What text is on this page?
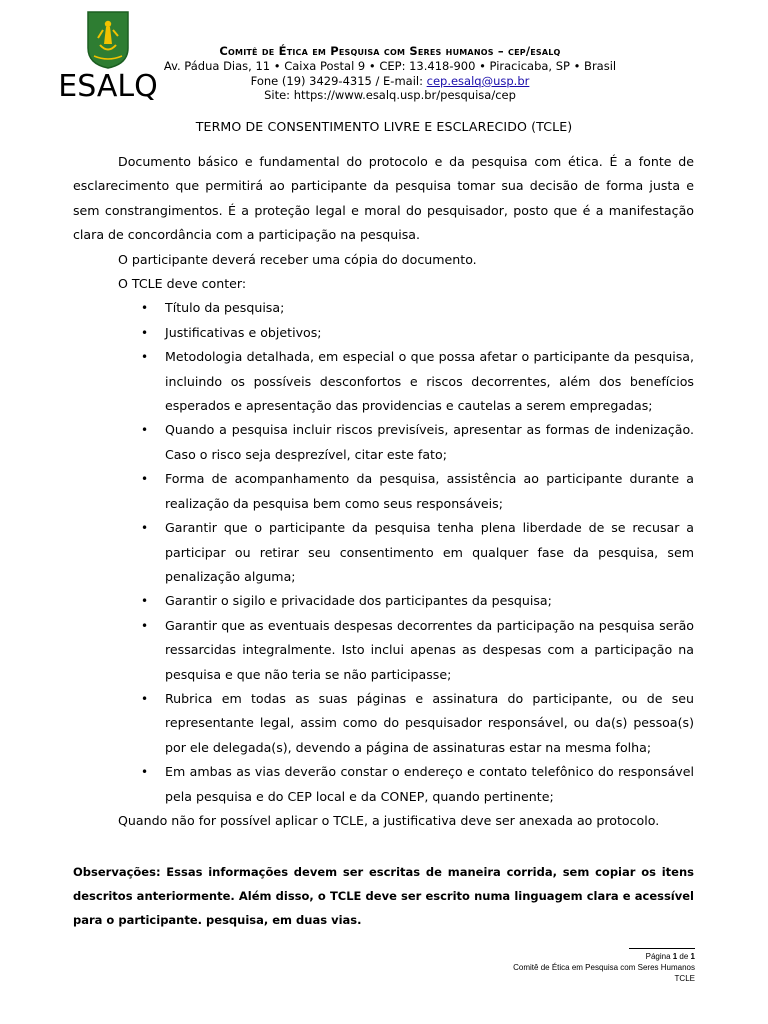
ESALQ
Comitê de Ética em Pesquisa com Seres humanos – cep/esalq
Av. Pádua Dias, 11 • Caixa Postal 9 • CEP: 13.418-900 • Piracicaba, SP • Brasil
Fone (19) 3429-4315 / E-mail: cep.esalq@usp.br
Site: https://www.esalq.usp.br/pesquisa/cep
TERMO DE CONSENTIMENTO LIVRE E ESCLARECIDO (TCLE)

Documento básico e fundamental do protocolo e da pesquisa com ética. É a fonte de esclarecimento que permitirá ao participante da pesquisa tomar sua decisão de forma justa e sem constrangimentos. É a proteção legal e moral do pesquisador, posto que é a manifestação clara de concordância com a participação na pesquisa.

O participante deverá receber uma cópia do documento.

O TCLE deve conter:

• Título da pesquisa;
• Justificativas e objetivos;
• Metodologia detalhada, em especial o que possa afetar o participante da pesquisa, incluindo os possíveis desconfortos e riscos decorrentes, além dos benefícios esperados e apresentação das providencias e cautelas a serem empregadas;
• Quando a pesquisa incluir riscos previsíveis, apresentar as formas de indenização. Caso o risco seja desprezível, citar este fato;
• Forma de acompanhamento da pesquisa, assistência ao participante durante a realização da pesquisa bem como seus responsáveis;
• Garantir que o participante da pesquisa tenha plena liberdade de se recusar a participar ou retirar seu consentimento em qualquer fase da pesquisa, sem penalização alguma;
• Garantir o sigilo e privacidade dos participantes da pesquisa;
• Garantir que as eventuais despesas decorrentes da participação na pesquisa serão ressarcidas integralmente. Isto inclui apenas as despesas com a participação na pesquisa e que não teria se não participasse;
• Rubrica em todas as suas páginas e assinatura do participante, ou de seu representante legal, assim como do pesquisador responsável, ou da(s) pessoa(s) por ele delegada(s), devendo a página de assinaturas estar na mesma folha;
• Em ambas as vias deverão constar o endereço e contato telefônico do responsável pela pesquisa e do CEP local e da CONEP, quando pertinente;

Quando não for possível aplicar o TCLE, a justificativa deve ser anexada ao protocolo.

Observações: Essas informações devem ser escritas de maneira corrida, sem copiar os itens descritos anteriormente. Além disso, o TCLE deve ser escrito numa linguagem clara e acessível para o participante. pesquisa, em duas vias.
Página 1 de 1
Comitê de Ética em Pesquisa com Seres Humanos
TCLE
